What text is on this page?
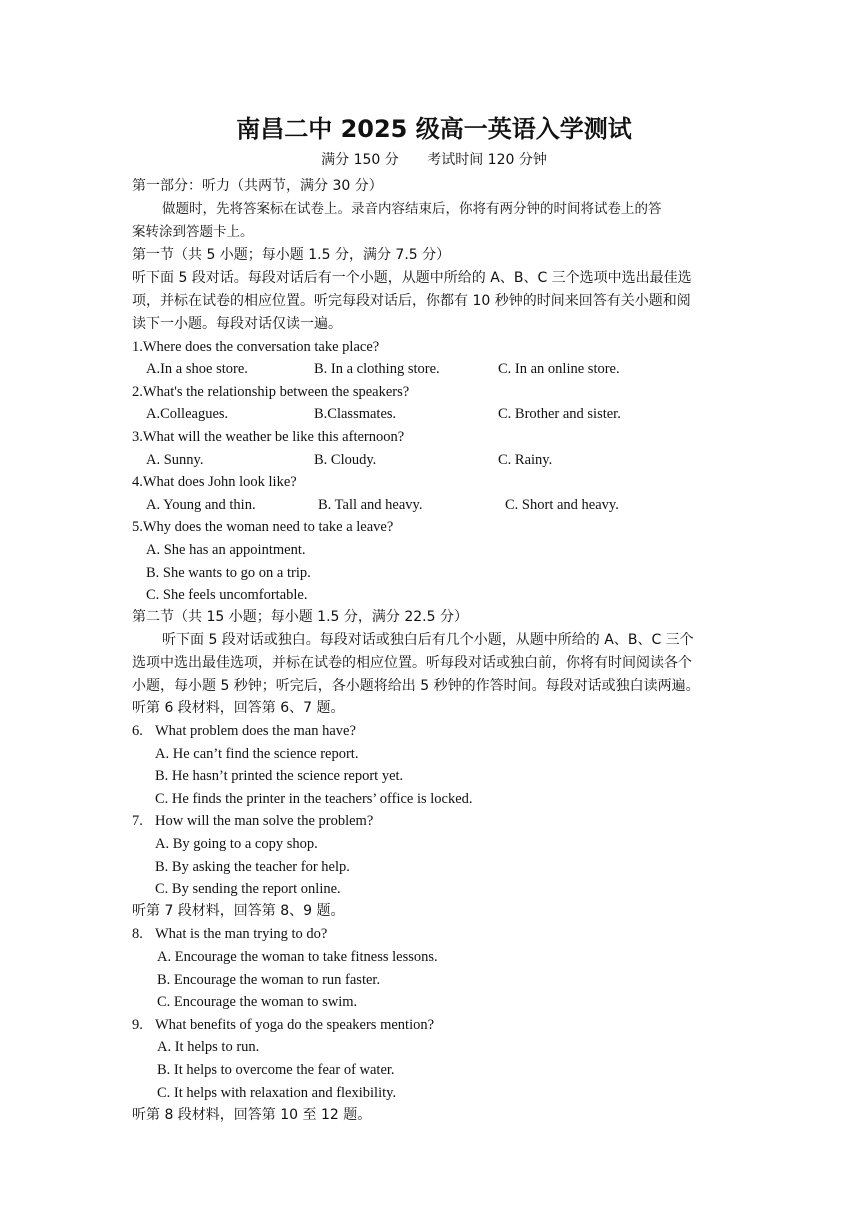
南昌二中 2025 级高一英语入学测试
满分 150 分 考试时间 120 分钟
第一部分：听力（共两节，满分 30 分）
做题时，先将答案标在试卷上。录音内容结束后，你将有两分钟的时间将试卷上的答
案转涂到答题卡上。
第一节（共 5 小题；每小题 1.5 分，满分 7.5 分）
听下面 5 段对话。每段对话后有一个小题，从题中所给的 A、B、C 三个选项中选出最佳选
项，并标在试卷的相应位置。听完每段对话后，你都有 10 秒钟的时间来回答有关小题和阅
读下一小题。每段对话仅读一遍。
1.Where does the conversation take place?
A.In a shoe store.	B. In a clothing store.	C. In an online store.
2.What's the relationship between the speakers?
A.Colleagues.	B.Classmates.	C. Brother and sister.
3.What will the weather be like this afternoon?
A. Sunny.	B. Cloudy.	C. Rainy.
4.What does John look like?
A. Young and thin.	B. Tall and heavy.	C. Short and heavy.
5.Why does the woman need to take a leave?
A. She has an appointment.
B. She wants to go on a trip.
C. She feels uncomfortable.
第二节（共 15 小题；每小题 1.5 分，满分 22.5 分）
听下面 5 段对话或独白。每段对话或独白后有几个小题，从题中所给的 A、B、C 三个
选项中选出最佳选项，并标在试卷的相应位置。听每段对话或独白前，你将有时间阅读各个
小题，每小题 5 秒钟；听完后，各小题将给出 5 秒钟的作答时间。每段对话或独白读两遍。
听第 6 段材料，回答第 6、7 题。
6. What problem does the man have?
A. He can’t find the science report.
B. He hasn’t printed the science report yet.
C. He finds the printer in the teachers’ office is locked.
7. How will the man solve the problem?
A. By going to a copy shop.
B. By asking the teacher for help.
C. By sending the report online.
听第 7 段材料，回答第 8、9 题。
8. What is the man trying to do?
A. Encourage the woman to take fitness lessons.
B. Encourage the woman to run faster.
C. Encourage the woman to swim.
9. What benefits of yoga do the speakers mention?
A. It helps to run.
B. It helps to overcome the fear of water.
C. It helps with relaxation and flexibility.
听第 8 段材料，回答第 10 至 12 题。
